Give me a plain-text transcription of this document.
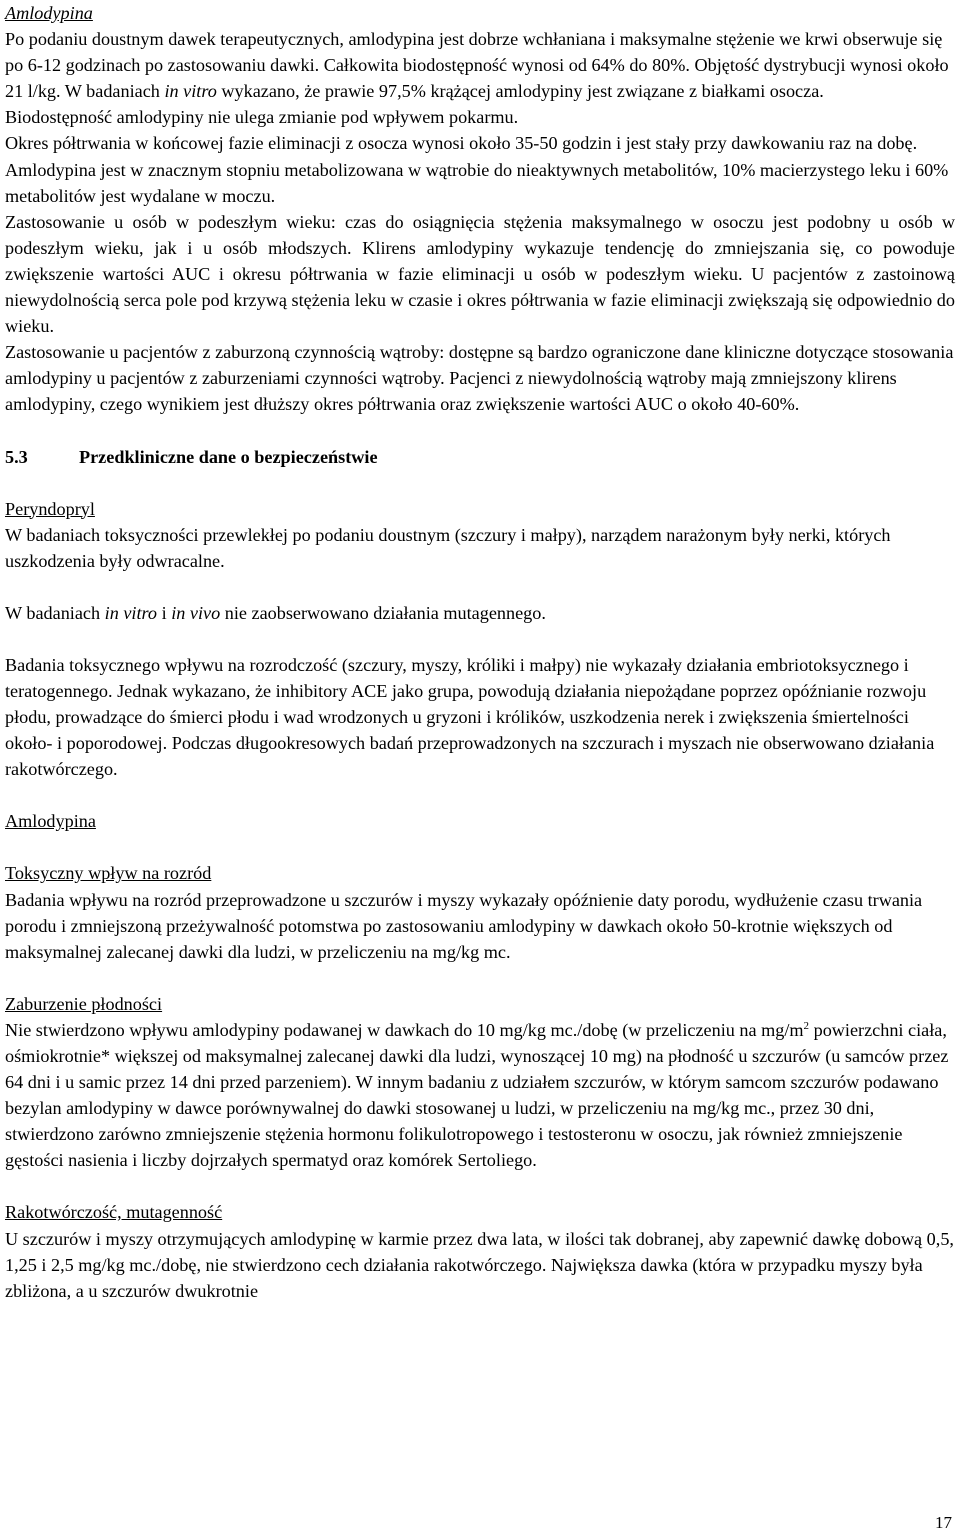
Amlodypina

Po podaniu doustnym dawek terapeutycznych, amlodypina jest dobrze wchłaniana i maksymalne stężenie we krwi obserwuje się po 6-12 godzinach po zastosowaniu dawki. Całkowita biodostępność wynosi od 64% do 80%. Objętość dystrybucji wynosi około 21 l/kg. W badaniach in vitro wykazano, że prawie 97,5% krążącej amlodypiny jest związane z białkami osocza.

Biodostępność amlodypiny nie ulega zmianie pod wpływem pokarmu.

Okres półtrwania w końcowej fazie eliminacji z osocza wynosi około 35-50 godzin i jest stały przy dawkowaniu raz na dobę. Amlodypina jest w znacznym stopniu metabolizowana w wątrobie do nieaktywnych metabolitów, 10% macierzystego leku i 60% metabolitów jest wydalane w moczu.

Zastosowanie u osób w podeszłym wieku: czas do osiągnięcia stężenia maksymalnego w osoczu jest podobny u osób w podeszłym wieku, jak i u osób młodszych. Klirens amlodypiny wykazuje tendencję do zmniejszania się, co powoduje zwiększenie wartości AUC i okresu półtrwania w fazie eliminacji u osób w podeszłym wieku. U pacjentów z zastoinową niewydolnością serca pole pod krzywą stężenia leku w czasie i okres półtrwania w fazie eliminacji zwiększają się odpowiednio do wieku.

Zastosowanie u pacjentów z zaburzoną czynnością wątroby: dostępne są bardzo ograniczone dane kliniczne dotyczące stosowania amlodypiny u pacjentów z zaburzeniami czynności wątroby. Pacjenci z niewydolnością wątroby mają zmniejszony klirens amlodypiny, czego wynikiem jest dłuższy okres półtrwania oraz zwiększenie wartości AUC o około 40-60%.

5.3	Przedkliniczne dane o bezpieczeństwie
Peryndopryl

W badaniach toksyczności przewlekłej po podaniu doustnym (szczury i małpy), narządem narażonym były nerki, których uszkodzenia były odwracalne.

W badaniach in vitro i in vivo nie zaobserwowano działania mutagennego.

Badania toksycznego wpływu na rozrodczość (szczury, myszy, króliki i małpy) nie wykazały działania embriotoksycznego i teratogennego. Jednak wykazano, że inhibitory ACE jako grupa, powodują działania niepożądane poprzez opóźnianie rozwoju płodu, prowadzące do śmierci płodu i wad wrodzonych u gryzoni i królików, uszkodzenia nerek i zwiększenia śmiertelności około- i poporodowej. Podczas długookresowych badań przeprowadzonych na szczurach i myszach nie obserwowano działania rakotwórczego.

Amlodypina
Toksyczny wpływ na rozród

Badania wpływu na rozród przeprowadzone u szczurów i myszy wykazały opóźnienie daty porodu, wydłużenie czasu trwania porodu i zmniejszoną przeżywalność potomstwa po zastosowaniu amlodypiny w dawkach około 50-krotnie większych od maksymalnej zalecanej dawki dla ludzi, w przeliczeniu na mg/kg mc.

Zaburzenie płodności

Nie stwierdzono wpływu amlodypiny podawanej w dawkach do 10 mg/kg mc./dobę (w przeliczeniu na $mg/m^2$ powierzchni ciała, ośmiokrotnie* większej od maksymalnej zalecanej dawki dla ludzi, wynoszącej 10 mg) na płodność u szczurów (u samców przez 64 dni i u samic przez 14 dni przed parzeniem). W innym badaniu z udziałem szczurów, w którym samcom szczurów podawano bezylan amlodypiny w dawce porównywalnej do dawki stosowanej u ludzi, w przeliczeniu na mg/kg mc., przez 30 dni, stwierdzono zarówno zmniejszenie stężenia hormonu folikulotropowego i testosteronu w osoczu, jak również zmniejszenie gęstości nasienia i liczby dojrzałych spermatyd oraz komórek Sertoliego.

Rakotwórczość, mutagenność

U szczurów i myszy otrzymujących amlodypinę w karmie przez dwa lata, w ilości tak dobranej, aby zapewnić dawkę dobową 0,5, 1,25 i 2,5 mg/kg mc./dobę, nie stwierdzono cech działania rakotwórczego. Największa dawka (która w przypadku myszy była zbliżona, a u szczurów dwukrotnie

17
